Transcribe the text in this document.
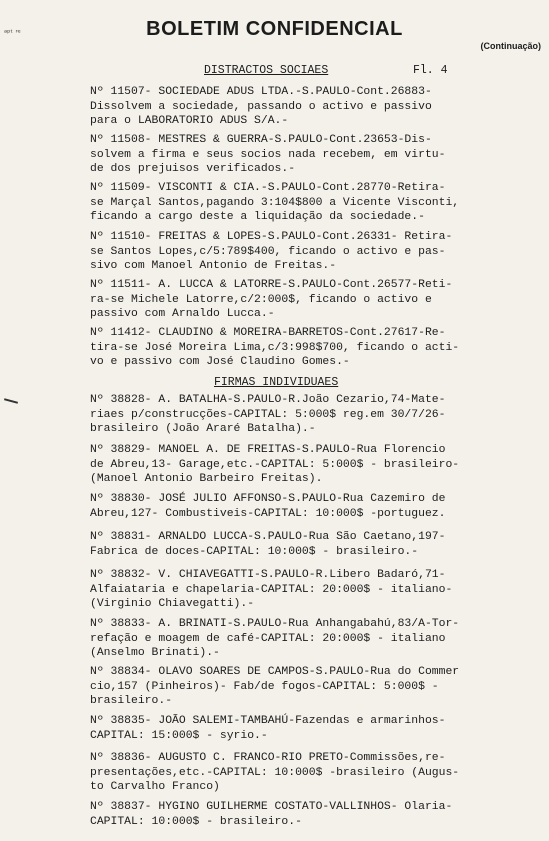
ᵃᵖᵗ ʳᵉ	BOLETIM CONFIDENCIAL
(Continuação)
DISTRACTOS SOCIAES	Fl. 4
FIRMAS INDIVIDUAES
Nº 11507- SOCIEDADE ADUS LTDA.-S.PAULO-Cont.26883-
Dissolvem a sociedade, passando o activo e passivo
para o LABORATORIO ADUS S/A.-
Nº 11508- MESTRES & GUERRA-S.PAULO-Cont.23653-Dis-
solvem a firma e seus socios nada recebem, em virtu-
de dos prejuisos verificados.-
Nº 11509- VISCONTI & CIA.-S.PAULO-Cont.28770-Retira-
se Marçal Santos,pagando 3:104$800 a Vicente Visconti,
ficando a cargo deste a liquidação da sociedade.-
Nº 11510- FREITAS & LOPES-S.PAULO-Cont.26331- Retira-
se Santos Lopes,c/5:789$400, ficando o activo e pas-
sivo com Manoel Antonio de Freitas.-
Nº 11511- A. LUCCA & LATORRE-S.PAULO-Cont.26577-Reti-
ra-se Michele Latorre,c/2:000$, ficando o activo e
passivo com Arnaldo Lucca.-
Nº 11412- CLAUDINO & MOREIRA-BARRETOS-Cont.27617-Re-
tira-se José Moreira Lima,c/3:998$700, ficando o acti-
vo e passivo com José Claudino Gomes.-
Nº 38828- A. BATALHA-S.PAULO-R.João Cezario,74-Mate-
riaes p/construcções-CAPITAL: 5:000$ reg.em 30/7/26-
brasileiro (João Araré Batalha).-
Nº 38829- MANOEL A. DE FREITAS-S.PAULO-Rua Florencio
de Abreu,13- Garage,etc.-CAPITAL: 5:000$ - brasileiro-
(Manoel Antonio Barbeiro Freitas).
Nº 38830- JOSÉ JULIO AFFONSO-S.PAULO-Rua Cazemiro de
Abreu,127- Combustiveis-CAPITAL: 10:000$ -portuguez.
Nº 38831- ARNALDO LUCCA-S.PAULO-Rua São Caetano,197-
Fabrica de doces-CAPITAL: 10:000$ - brasileiro.-
Nº 38832- V. CHIAVEGATTI-S.PAULO-R.Libero Badaró,71-
Alfaiataria e chapelaria-CAPITAL: 20:000$ - italiano-
(Virginio Chiavegatti).-
Nº 38833- A. BRINATI-S.PAULO-Rua Anhangabahú,83/A-Tor-
refação e moagem de café-CAPITAL: 20:000$ - italiano
(Anselmo Brinati).-
Nº 38834- OLAVO SOARES DE CAMPOS-S.PAULO-Rua do Commer
cio,157 (Pinheiros)- Fab/de fogos-CAPITAL: 5:000$ -
brasileiro.-
Nº 38835- JOÃO SALEMI-TAMBAHÚ-Fazendas e armarinhos-
CAPITAL: 15:000$ - syrio.-
Nº 38836- AUGUSTO C. FRANCO-RIO PRETO-Commissões,re-
presentações,etc.-CAPITAL: 10:000$ -brasileiro (Augus-
to Carvalho Franco)
Nº 38837- HYGINO GUILHERME COSTATO-VALLINHOS- Olaria-
CAPITAL: 10:000$ - brasileiro.-
